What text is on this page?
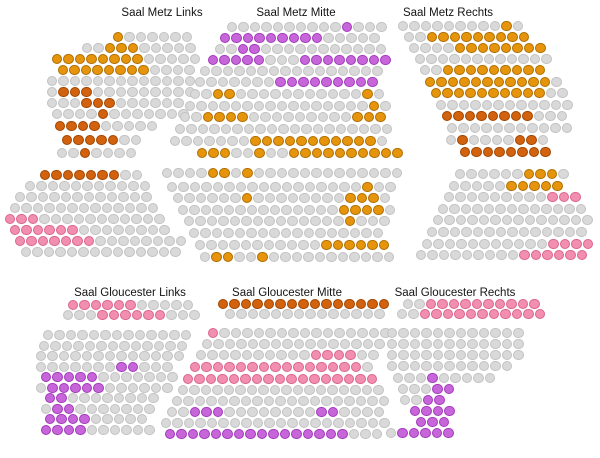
Saal Metz Links	Saal Metz Mitte	Saal Metz Rechts
Saal Gloucester Links	Saal Gloucester Mitte	Saal Gloucester Rechts
